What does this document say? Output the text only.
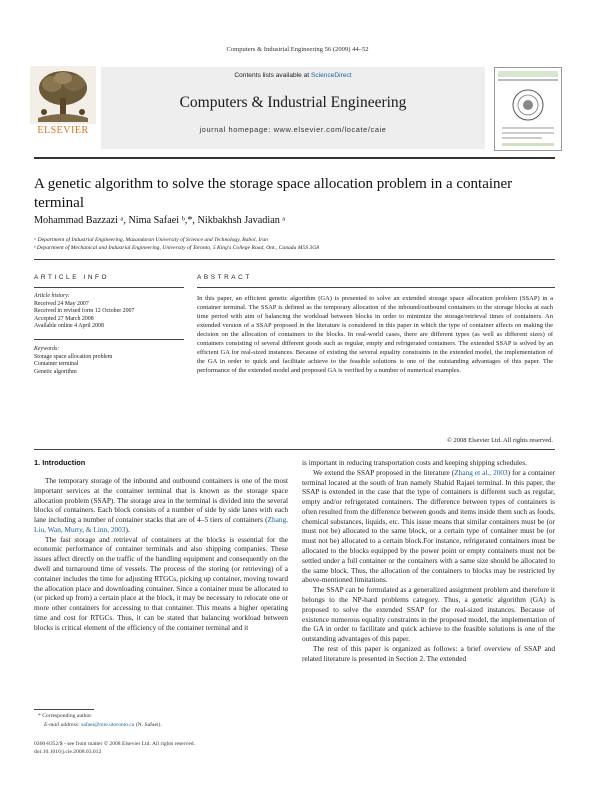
Computers & Industrial Engineering 56 (2009) 44–52
ELSEVIER
Contents lists available at ScienceDirect
Computers & Industrial Engineering
journal homepage: www.elsevier.com/locate/caie
A genetic algorithm to solve the storage space allocation problem in a container terminal
Mohammad Bazzazi ᵃ, Nima Safaei ᵇ,*, Nikbakhsh Javadian ᵃ
ᵃ Department of Industrial Engineering, Mazandaran University of Science and Technology, Babol, Iran
ᵇ Department of Mechanical and Industrial Engineering, University of Toronto, 5 King's College Road, Ont., Canada M5S 3G8
ARTICLE INFO
Article history:
Received 24 May 2007
Received in revised form 12 October 2007
Accepted 27 March 2008
Available online 4 April 2008
Keywords:
Storage space allocation problem
Container terminal
Genetic algorithm
ABSTRACT
In this paper, an efficient genetic algorithm (GA) is presented to solve an extended storage space allocation problem (SSAP) in a container terminal. The SSAP is defined as the temporary allocation of the inbound/outbound containers to the storage blocks at each time period with aim of balancing the workload between blocks in order to minimize the storage/retrieval times of containers. An extended version of a SSAP proposed in the literature is considered in this paper in which the type of container affects on making the decision on the allocation of containers to the blocks. In real-world cases, there are different types (as well as different sizes) of containers consisting of several different goods such as regular, empty and refrigerated containers. The extended SSAP is solved by an efficient GA for real-sized instances. Because of existing the several equality constraints in the extended model, the implementation of the GA in order to quick and facilitate achieve to the feasible solutions is one of the outstanding advantages of this paper. The performance of the extended model and proposed GA is verified by a number of numerical examples.
© 2008 Elsevier Ltd. All rights reserved.
1. Introduction

The temporary storage of the inbound and outbound containers is one of the most important services at the container terminal that is known as the storage space allocation problem (SSAP). The storage area in the terminal is divided into the several blocks of containers. Each block consists of a number of side by side lanes with each lane including a number of container stacks that are of 4–5 tiers of containers (Zhang, Liu, Wan, Murty, & Linn, 2003).

The fast storage and retrieval of containers at the blocks is essential for the economic performance of container terminals and also shipping companies. These issues affect directly on the traffic of the handling equipment and consequently on the dwell and turnaround time of vessels. The process of the storing (or retrieving) of a container includes the time for adjusting RTGCs, picking up container, moving toward the allocation place and downloading container. Since a container must be allocated to (or picked up from) a certain place at the block, it may be necessary to relocate one or more other containers for accessing to that container. This means a higher operating time and cost for RTGCs. Thus, it can be stated that balancing workload between blocks is critical element of the efficiency of the container terminal and it

is important in reducing transportation costs and keeping shipping schedules.

We extend the SSAP proposed in the literature (Zhang et al., 2003) for a container terminal located at the south of Iran namely Shahid Rajaei terminal. In this paper, the SSAP is extended in the case that the type of containers is different such as regular, empty and/or refrigerated containers. The difference between types of containers is often resulted from the difference between goods and items inside them such as foods, chemical substances, liquids, etc. This issue means that similar containers must be (or must not be) allocated to the same block, or a certain type of container must be (or must not be) allocated to a certain block.For instance, refrigerated containers must be allocated to the blocks equipped by the power point or empty containers must not be settled under a full container or the containers with a same size should be allocated to the same block. Thus, the allocation of the containers to blocks may be restricted by above-mentioned limitations.

The SSAP can be formulated as a generalized assignment problem and therefore it belongs to the NP-hard problems category. Thus, a genetic algorithm (GA) is proposed to solve the extended SSAP for the real-sized instances. Because of existence numerous equality constraints in the proposed model, the implementation of the GA in order to facilitate and quick achieve to the feasible solutions is one of the outstanding advantages of this paper.

The rest of this paper is organized as follows: a brief overview of SSAP and related literature is presented in Section 2. The extended

* Corresponding author.
E-mail address: safaei@mie.utoronto.ca (N. Safaei).
0360-8352/$ - see front matter © 2008 Elsevier Ltd. All rights reserved.
doi:10.1016/j.cie.2008.03.012
